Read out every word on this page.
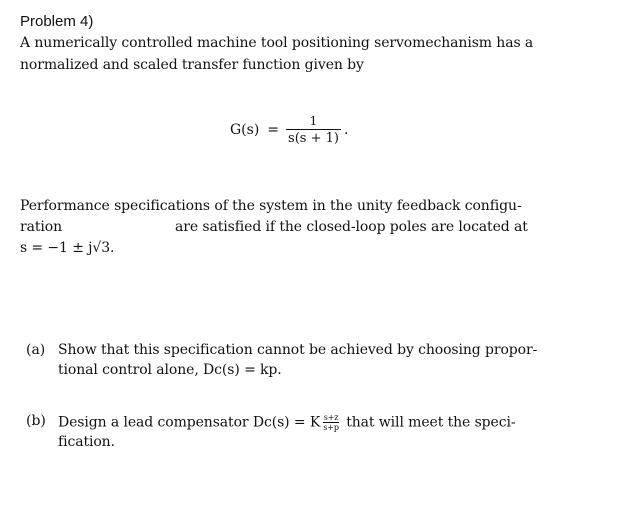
Problem 4)
A numerically controlled machine tool positioning servomechanism has a
normalized and scaled transfer function given by
$G(s) = \frac{1}{s(s + 1)}$ .
Performance specifications of the system in the unity feedback configu-
ration	are satisfied if the closed-loop poles are located at
s = −1 ± j√3.
(a) Show that this specification cannot be achieved by choosing propor-
tional control alone, Dc(s) = kp.
(b) Design a lead compensator Dc(s) = K $\frac{s+z}{s+p}$ that will meet the speci-
fication.
